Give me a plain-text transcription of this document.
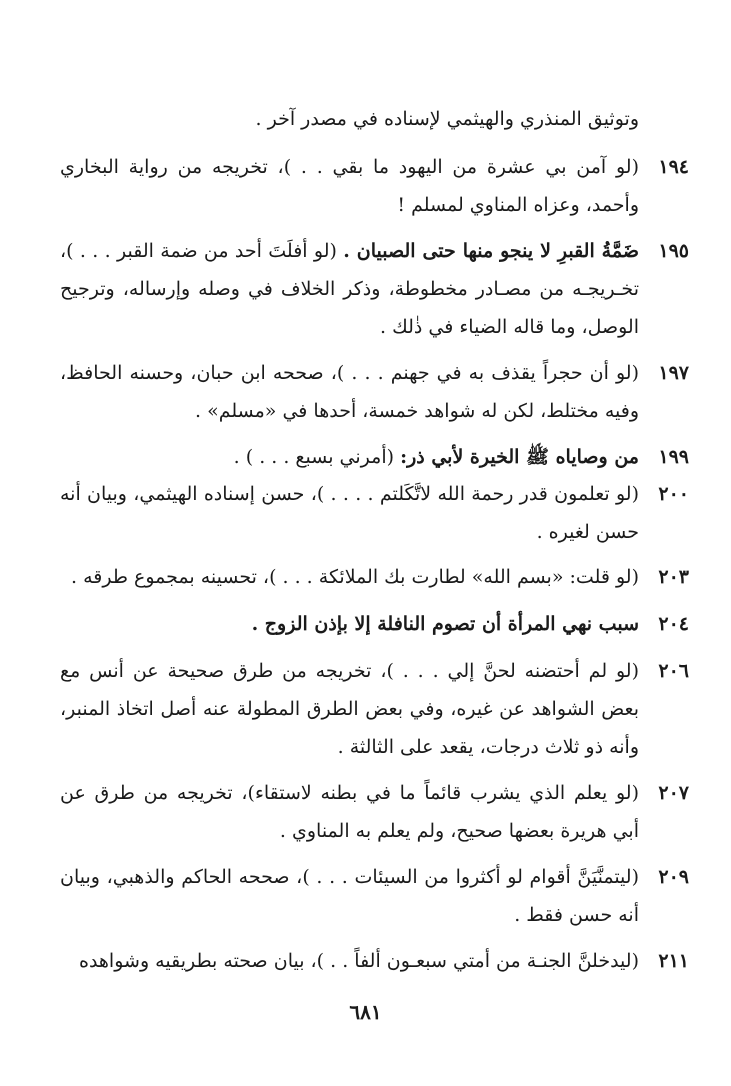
وتوثيق المنذري والهيثمي لإسناده في مصدر آخر .
١٩٤
(لو آمن بي عشرة من اليهود ما بقي . . )، تخريجه من رواية البخاري وأحمد، وعزاه المناوي لمسلم !
١٩٥
ضَمَّةُ القبرِ لا ينجو منها حتى الصبيان . (لو أفلَتَ أحد من ضمة القبر . . . )، تخـريجـه من مصـادر مخطوطة، وذكر الخلاف في وصله وإرساله، وترجيح الوصل، وما قاله الضياء في ذٰلك .
١٩٧
(لو أن حجراً يقذف به في جهنم . . . )، صححه ابن حبان، وحسنه الحافظ، وفيه مختلط، لكن له شواهد خمسة، أحدها في «مسلم» .
١٩٩
من وصاياه ﷺ الخيرة لأبي ذر: (أمرني بسبع . . . ) .
٢٠٠
(لو تعلمون قدر رحمة الله لاتَّكَلتم . . . . )، حسن إسناده الهيثمي، وبيان أنه حسن لغيره .
٢٠٣
(لو قلت: «بسم الله» لطارت بك الملائكة . . . )، تحسينه بمجموع طرقه .
٢٠٤
سبب نهي المرأة أن تصوم النافلة إلا بإذن الزوج .
٢٠٦
(لو لم أحتضنه لحنَّ إلي . . . )، تخريجه من طرق صحيحة عن أنس مع بعض الشواهد عن غيره، وفي بعض الطرق المطولة عنه أصل اتخاذ المنبر، وأنه ذو ثلاث درجات، يقعد على الثالثة .
٢٠٧
(لو يعلم الذي يشرب قائماً ما في بطنه لاستقاء)، تخريجه من طرق عن أبي هريرة بعضها صحيح، ولم يعلم به المناوي .
٢٠٩
(ليتمنَّيَنَّ أقوام لو أكثروا من السيئات . . . )، صححه الحاكم والذهبي، وبيان أنه حسن فقط .
٢١١
(ليدخلنَّ الجنـة من أمتي سبعـون ألفاً . . )، بيان صحته بطريقيه وشواهده
٦٨١
